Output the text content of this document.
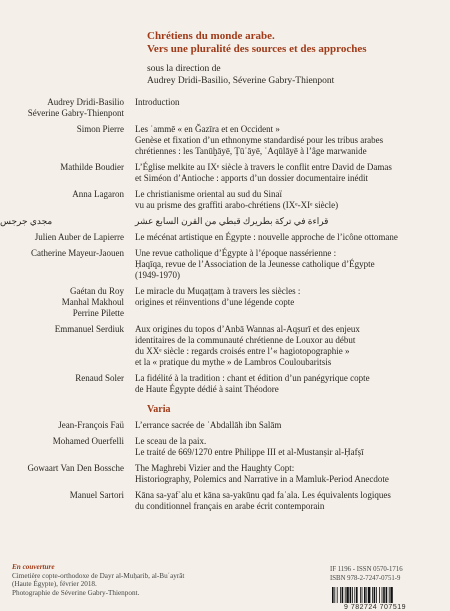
Chrétiens du monde arabe.
Vers une pluralité des sources et des approches
sous la direction de
Audrey Dridi-Basilio, Séverine Gabry-Thienpont
Audrey Dridi-Basilio
Séverine Gabry-Thienpont
Introduction
Simon Pierre Les ʿammē « en Ǧazīra et en Occident »
Genèse et fixation d’un ethnonyme standardisé pour les tribus arabes
chrétiennes : les Tanūḫāyē, Ṭūʾāyē, ʿAqūlāyē à l’âge marwanide
Mathilde Boudier L’Église melkite au IXᵉ siècle à travers le conflit entre David de Damas
et Siméon d’Antioche : apports d’un dossier documentaire inédit
Anna Lagaron Le christianisme oriental au sud du Sinaï
vu au prisme des graffiti arabo-chrétiens (IXᵉ-XIᵉ siècle)
مجدي جرجس	قراءة في تركة بطريرك قبطي من القرن السابع عشر
Julien Auber de Lapierre Le mécénat artistique en Égypte : nouvelle approche de l’icône ottomane
Catherine Mayeur-Jaouen Une revue catholique d’Égypte à l’époque nassérienne :
Ḥaqīqa, revue de l’Association de la Jeunesse catholique d’Égypte
(1949-1970)
Gaétan du Roy
Manhal Makhoul
Perrine Pilette
Le miracle du Muqaṭṭam à travers les siècles :
origines et réinventions d’une légende copte
Emmanuel Serdiuk Aux origines du topos d’Anbā Wannas al-Aqṣurī et des enjeux
identitaires de la communauté chrétienne de Louxor au début
du XXᵉ siècle : regards croisés entre l’« hagiotopographie »
et la « pratique du mythe » de Lambros Couloubaritsis
Renaud Soler La fidélité à la tradition : chant et édition d’un panégyrique copte
de Haute Égypte dédié à saint Théodore
Varia
Jean-François Faü L’errance sacrée de ʿAbdallāh ibn Salām
Mohamed Ouerfelli Le sceau de la paix.
Le traité de 669/1270 entre Philippe III et al-Mustanṣir al-Ḥafṣī
Gowaart Van Den Bossche The Maghrebi Vizier and the Haughty Copt:
Historiography, Polemics and Narrative in a Mamluk-Period Anecdote
Manuel Sartori Kāna sa-yafʿalu et kāna sa-yakūnu qad faʿala. Les équivalents logiques
du conditionnel français en arabe écrit contemporain
En couverture
Cimetière copte-orthodoxe de Dayr al-Muḥarib, al-Buʿayrāt
(Haute Égypte), février 2018.
Photographie de Séverine Gabry-Thienpont.
IF 1196 - ISSN 0570-1716
ISBN 978-2-7247-0751-9
9 782724 707519
